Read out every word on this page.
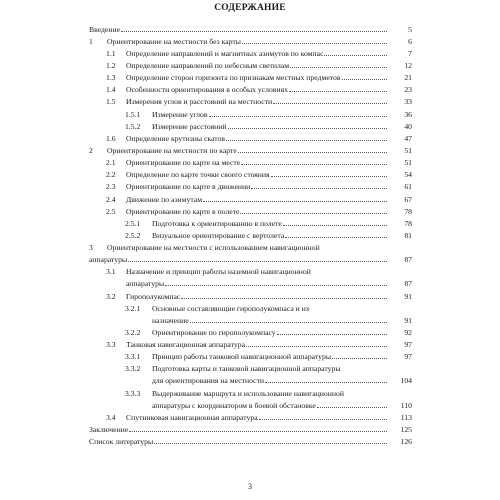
СОДЕРЖАНИЕ
Введение	5
1 Ориентирование на местности без карты	6
1.1 Определение направлений и магнитных азимутов по компас	7
1.2 Определение направлений по небесным светилам	12
1.3 Определение сторон горизонта по признакам местных предметов	21
1.4 Особенности ориентирования в особых условиях	23
1.5 Измерения углов и расстояний на местности	33
1.5.1 Измерение углов	36
1.5.2 Измерение расстояний	40
1.6 Определение крутизны скатов	47
2 Ориентирование на местности по карте	51
2.1 Ориентирование по карте на месте	51
2.2 Определение по карте точки своего стояния	54
2.3 Ориентирование по карте в движении	61
2.4 Движение по азимутам	67
2.5 Ориентирование по карте в полете	78
2.5.1 Подготовка к ориентированию в полете	78
2.5.2 Визуальное ориентирование с вертолета	81
3 Ориентирование на местности с использованием навигационной
аппаратуры	87
3.1 Назначение и принцип работы наземной навигационной
аппаратуры	87
3.2 Гирополукомпас	91
3.2.1 Основные составляющие гирополукомпаса и их
назначение	91
3.2.2 Ориентирование по гирополукомпасу	92
3.3 Танковая навигационная аппаратура	97
3.3.1 Принцип работы танковой навигационной аппаратуры	97
3.3.2 Подготовка карты и танковой навигационной аппаратуры
для ориентирования на местности	104
3.3.3 Выдерживание маршрута и использование навигационной
аппаратуры с координатором в боевой обстановке	110
3.4 Спутниковая навигационная аппаратура	113
Заключение	125
Список литературы	126
3
